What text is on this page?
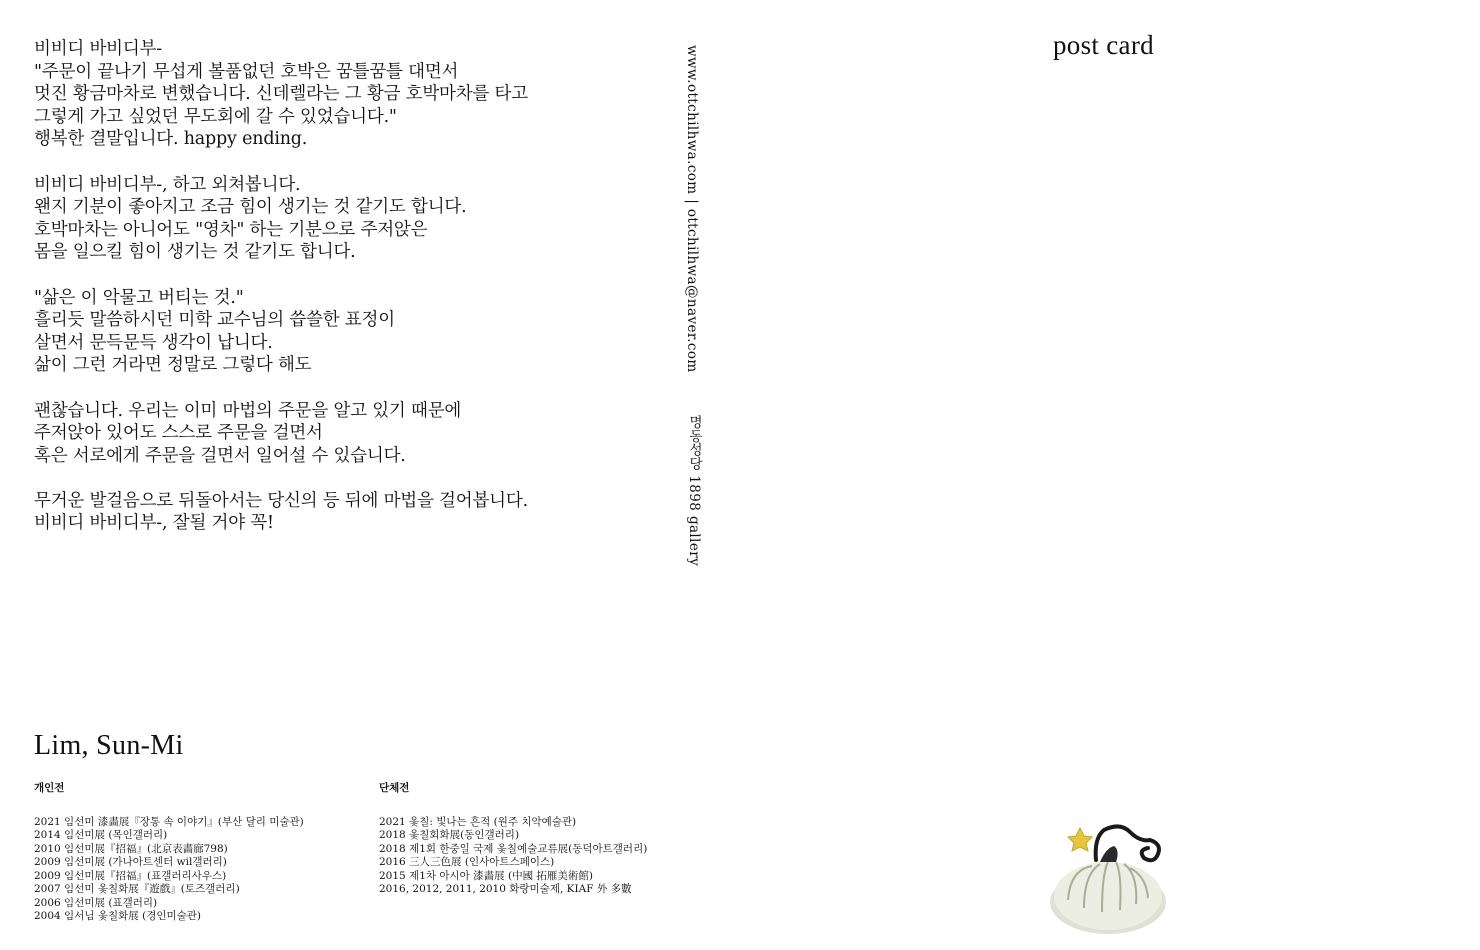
비비디 바비디부-
"주문이 끝나기 무섭게 볼품없던 호박은 꿈틀꿈틀 대면서
멋진 황금마차로 변했습니다. 신데렐라는 그 황금 호박마차를 타고
그렇게 가고 싶었던 무도회에 갈 수 있었습니다."
행복한 결말입니다. happy ending.
비비디 바비디부-, 하고 외쳐봅니다.
왠지 기분이 좋아지고 조금 힘이 생기는 것 같기도 합니다.
호박마차는 아니어도 "영차" 하는 기분으로 주저앉은
몸을 일으킬 힘이 생기는 것 같기도 합니다.
"삶은 이 악물고 버티는 것."
흘리듯 말씀하시던 미학 교수님의 씁쓸한 표정이
살면서 문득문득 생각이 납니다.
삶이 그런 거라면 정말로 그렇다 해도
괜찮습니다. 우리는 이미 마법의 주문을 알고 있기 때문에
주저앉아 있어도 스스로 주문을 걸면서
혹은 서로에게 주문을 걸면서 일어설 수 있습니다.
무거운 발걸음으로 뒤돌아서는 당신의 등 뒤에 마법을 걸어봅니다.
비비디 바비디부-, 잘될 거야 꼭!
www.ottchilhwa.com | ottchilhwa@naver.com
명동성당 1898 gallery
post card
Lim, Sun-Mi
개인전
2021 임선미 漆畵展『장통 속 이야기』(부산 달리 미술관)
2014 임선미展 (목인갤러리)
2010 임선미展『招福』(北京表畵廊798)
2009 임선미展 (가나아트센터 wil갤러리)
2009 임선미展『招福』(표갤러리사우스)
2007 임선미 옻칠화展『遊戲』(토즈갤러리)
2006 임선미展 (표갤러리)
2004 임서님 옻칠화展 (경인미술관)
단체전
2021 옻칠: 빛나는 흔적 (원주 치악예술관)
2018 옻칠회화展(동인갤러리)
2018 제1회 한중일 국제 옻칠예술교류展(동덕아트갤러리)
2016 三人三色展 (인사아트스페이스)
2015 제1차 아시아 漆畵展 (中國 拓雁美術館)
2016, 2012, 2011, 2010 화랑미술제, KIAF 外 多數
